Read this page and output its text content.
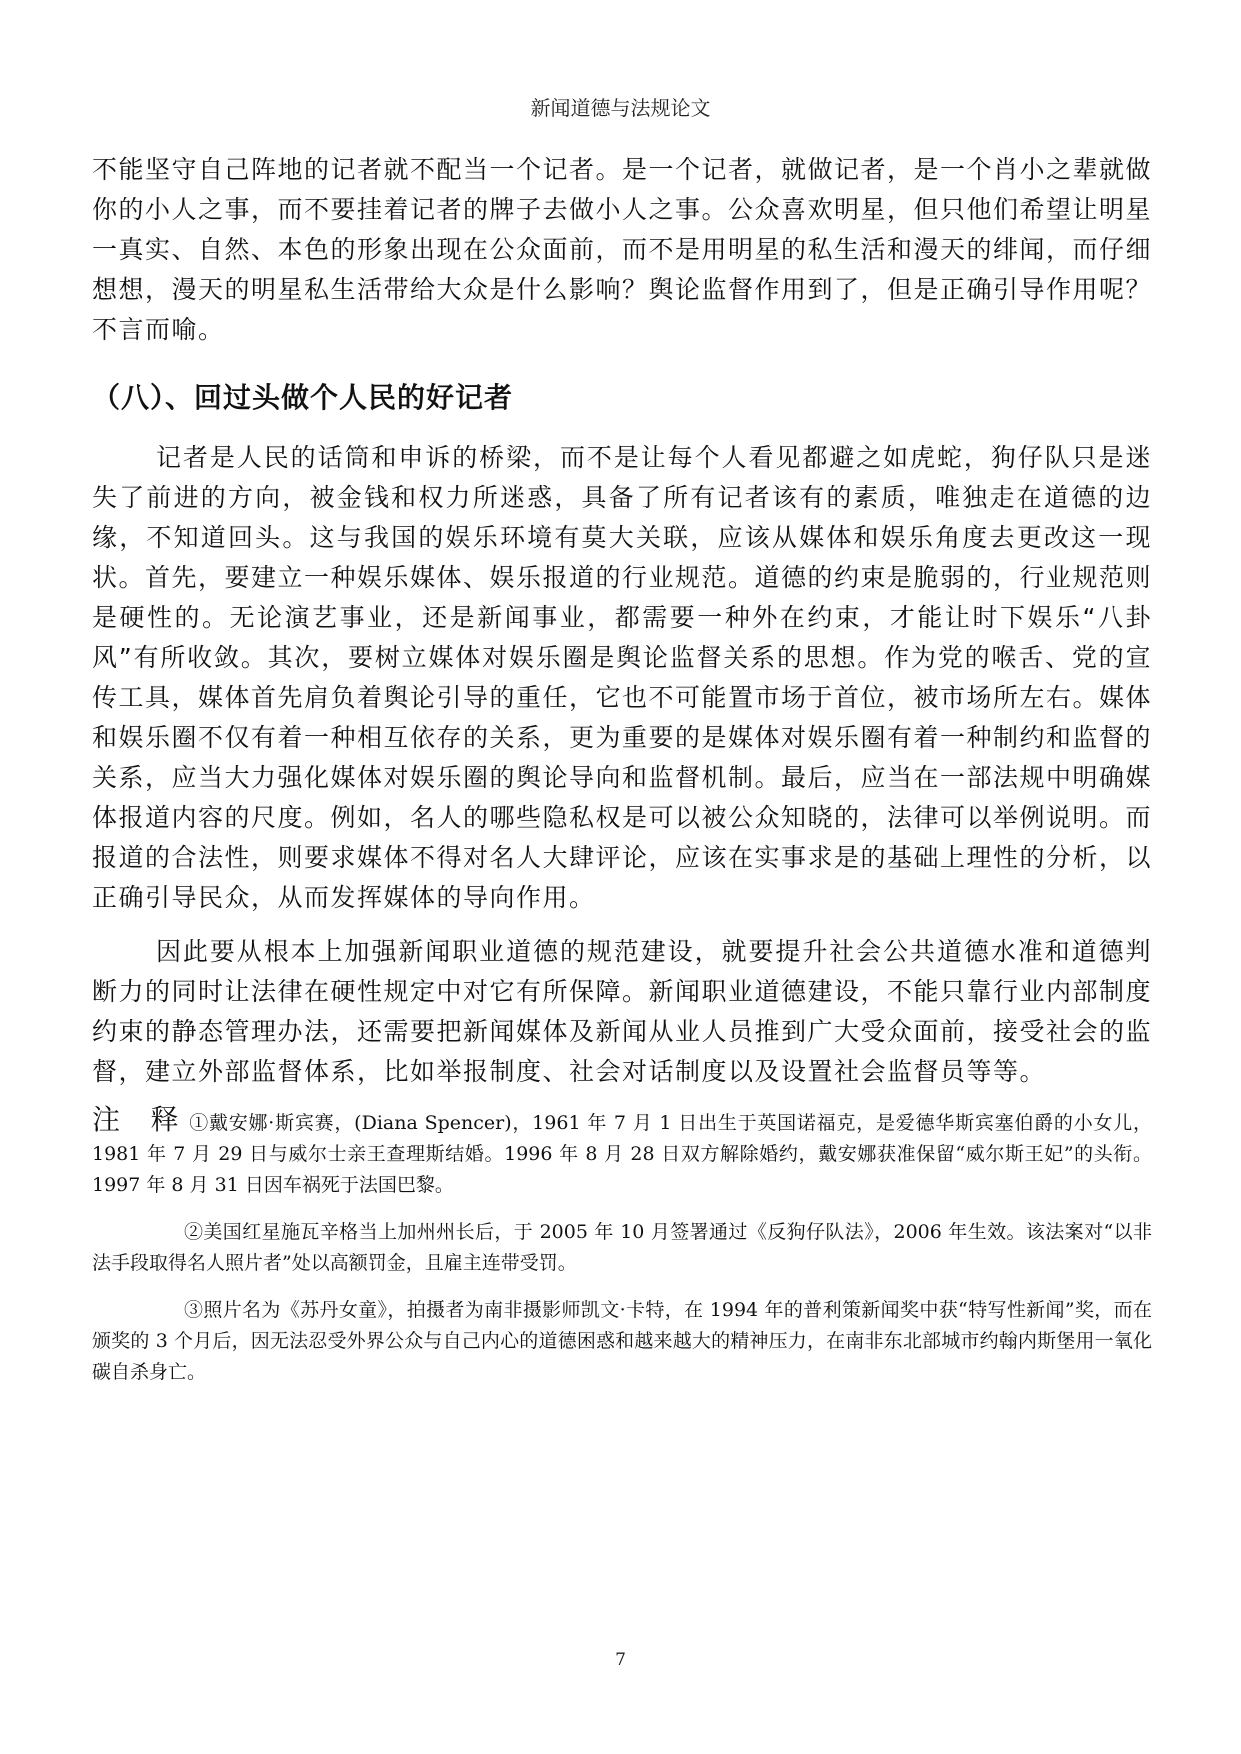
新闻道德与法规论文

不能坚守自己阵地的记者就不配当一个记者。是一个记者，就做记者，是一个肖小之辈就做你的小人之事，而不要挂着记者的牌子去做小人之事。公众喜欢明星，但只他们希望让明星一真实、自然、本色的形象出现在公众面前，而不是用明星的私生活和漫天的绯闻，而仔细想想，漫天的明星私生活带给大众是什么影响？舆论监督作用到了，但是正确引导作用呢？不言而喻。

（八）、回过头做个人民的好记者

记者是人民的话筒和申诉的桥梁，而不是让每个人看见都避之如虎蛇，狗仔队只是迷失了前进的方向，被金钱和权力所迷惑，具备了所有记者该有的素质，唯独走在道德的边缘，不知道回头。这与我国的娱乐环境有莫大关联，应该从媒体和娱乐角度去更改这一现状。首先，要建立一种娱乐媒体、娱乐报道的行业规范。道德的约束是脆弱的，行业规范则是硬性的。无论演艺事业，还是新闻事业，都需要一种外在约束，才能让时下娱乐“八卦风”有所收敛。其次，要树立媒体对娱乐圈是舆论监督关系的思想。作为党的喉舌、党的宣传工具，媒体首先肩负着舆论引导的重任，它也不可能置市场于首位，被市场所左右。媒体和娱乐圈不仅有着一种相互依存的关系，更为重要的是媒体对娱乐圈有着一种制约和监督的关系，应当大力强化媒体对娱乐圈的舆论导向和监督机制。最后，应当在一部法规中明确媒体报道内容的尺度。例如，名人的哪些隐私权是可以被公众知晓的，法律可以举例说明。而报道的合法性，则要求媒体不得对名人大肆评论，应该在实事求是的基础上理性的分析，以正确引导民众，从而发挥媒体的导向作用。

因此要从根本上加强新闻职业道德的规范建设，就要提升社会公共道德水准和道德判断力的同时让法律在硬性规定中对它有所保障。新闻职业道德建设，不能只靠行业内部制度约束的静态管理办法，还需要把新闻媒体及新闻从业人员推到广大受众面前，接受社会的监督，建立外部监督体系，比如举报制度、社会对话制度以及设置社会监督员等等。

注 释①戴安娜·斯宾赛，(Diana Spencer)，1961 年 7 月 1 日出生于英国诺福克，是爱德华斯宾塞伯爵的小女儿，1981 年 7 月 29 日与威尔士亲王查理斯结婚。1996 年 8 月 28 日双方解除婚约，戴安娜获准保留“威尔斯王妃”的头衔。1997 年 8 月 31 日因车祸死于法国巴黎。

②美国红星施瓦辛格当上加州州长后，于 2005 年 10 月签署通过《反狗仔队法》，2006 年生效。该法案对“以非法手段取得名人照片者”处以高额罚金，且雇主连带受罚。

③照片名为《苏丹女童》，拍摄者为南非摄影师凯文·卡特，在 1994 年的普利策新闻奖中获“特写性新闻”奖，而在颁奖的 3 个月后，因无法忍受外界公众与自己内心的道德困惑和越来越大的精神压力，在南非东北部城市约翰内斯堡用一氧化碳自杀身亡。

7
